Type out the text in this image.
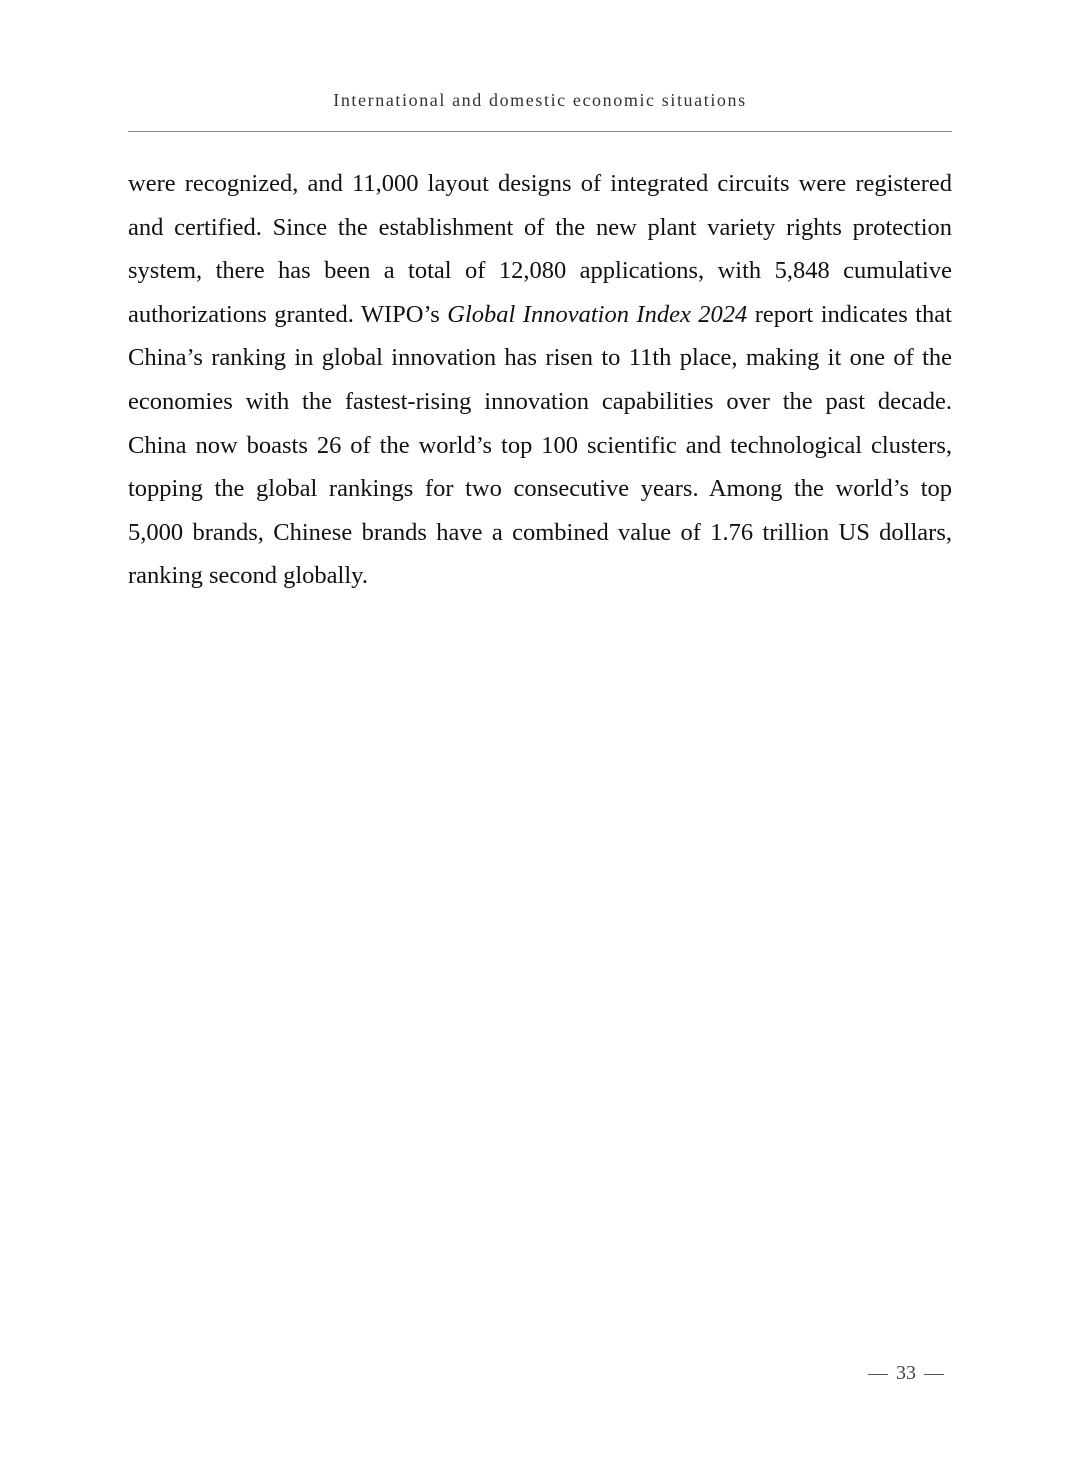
International and domestic economic situations

were recognized, and 11,000 layout designs of integrated circuits were registered and certified. Since the establishment of the new plant variety rights protection system, there has been a total of 12,080 applications, with 5,848 cumulative authorizations granted. WIPO’s Global Innovation Index 2024 report indicates that China’s ranking in global innovation has risen to 11th place, making it one of the economies with the fastest-rising innovation capabilities over the past decade. China now boasts 26 of the world’s top 100 scientific and technological clusters, topping the global rankings for two consecutive years. Among the world’s top 5,000 brands, Chinese brands have a combined value of 1.76 trillion US dollars, ranking second globally.

33
